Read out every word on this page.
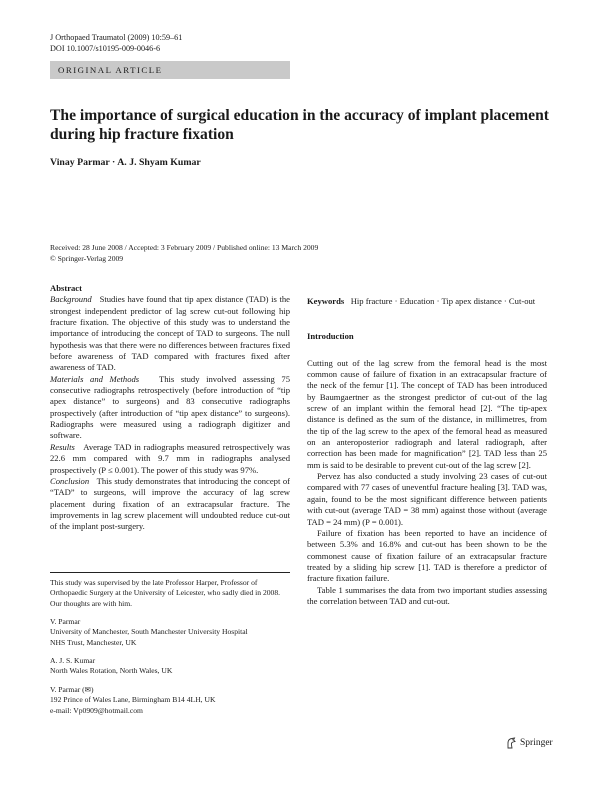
J Orthopaed Traumatol (2009) 10:59–61
DOI 10.1007/s10195-009-0046-6
ORIGINAL ARTICLE
The importance of surgical education in the accuracy of implant placement during hip fracture fixation
Vinay Parmar · A. J. Shyam Kumar
Received: 28 June 2008 / Accepted: 3 February 2009 / Published online: 13 March 2009
© Springer-Verlag 2009

Abstract

Background Studies have found that tip apex distance (TAD) is the strongest independent predictor of lag screw cut-out following hip fracture fixation. The objective of this study was to understand the importance of introducing the concept of TAD to surgeons. The null hypothesis was that there were no differences between fractures fixed before awareness of TAD compared with fractures fixed after awareness of TAD.

Materials and Methods This study involved assessing 75 consecutive radiographs retrospectively (before introduction of “tip apex distance” to surgeons) and 83 consecutive radiographs prospectively (after introduction of “tip apex distance” to surgeons). Radiographs were measured using a radiograph digitizer and software.

Results Average TAD in radiographs measured retrospectively was 22.6 mm compared with 9.7 mm in radiographs analysed prospectively (P ≤ 0.001). The power of this study was 97%.

Conclusion This study demonstrates that introducing the concept of “TAD” to surgeons, will improve the accuracy of lag screw placement during fixation of an extracapsular fracture. The improvements in lag screw placement will undoubted reduce cut-out of the implant post-surgery.

Keywords Hip fracture · Education · Tip apex distance · Cut-out

Introduction

Cutting out of the lag screw from the femoral head is the most common cause of failure of fixation in an extracapsular fracture of the neck of the femur [1]. The concept of TAD has been introduced by Baumgaertner as the strongest predictor of cut-out of the lag screw of an implant within the femoral head [2]. “The tip-apex distance is defined as the sum of the distance, in millimetres, from the tip of the lag screw to the apex of the femoral head as measured on an anteroposterior radiograph and lateral radiograph, after correction has been made for magnification” [2]. TAD less than 25 mm is said to be desirable to prevent cut-out of the lag screw [2].

Pervez has also conducted a study involving 23 cases of cut-out compared with 77 cases of uneventful fracture healing [3]. TAD was, again, found to be the most significant difference between patients with cut-out (average TAD = 38 mm) against those without (average TAD = 24 mm) (P = 0.001).

Failure of fixation has been reported to have an incidence of between 5.3% and 16.8% and cut-out has been shown to be the commonest cause of fixation failure of an extracapsular fracture treated by a sliding hip screw [1]. TAD is therefore a predictor of fracture fixation failure.

Table 1 summarises the data from two important studies assessing the correlation between TAD and cut-out.

This study was supervised by the late Professor Harper, Professor of Orthopaedic Surgery at the University of Leicester, who sadly died in 2008. Our thoughts are with him.

V. Parmar

University of Manchester, South Manchester University Hospital

NHS Trust, Manchester, UK

A. J. S. Kumar

North Wales Rotation, North Wales, UK

V. Parmar (✉)

192 Prince of Wales Lane, Birmingham B14 4LH, UK

e-mail: Vp0909@hotmail.com

Springer
